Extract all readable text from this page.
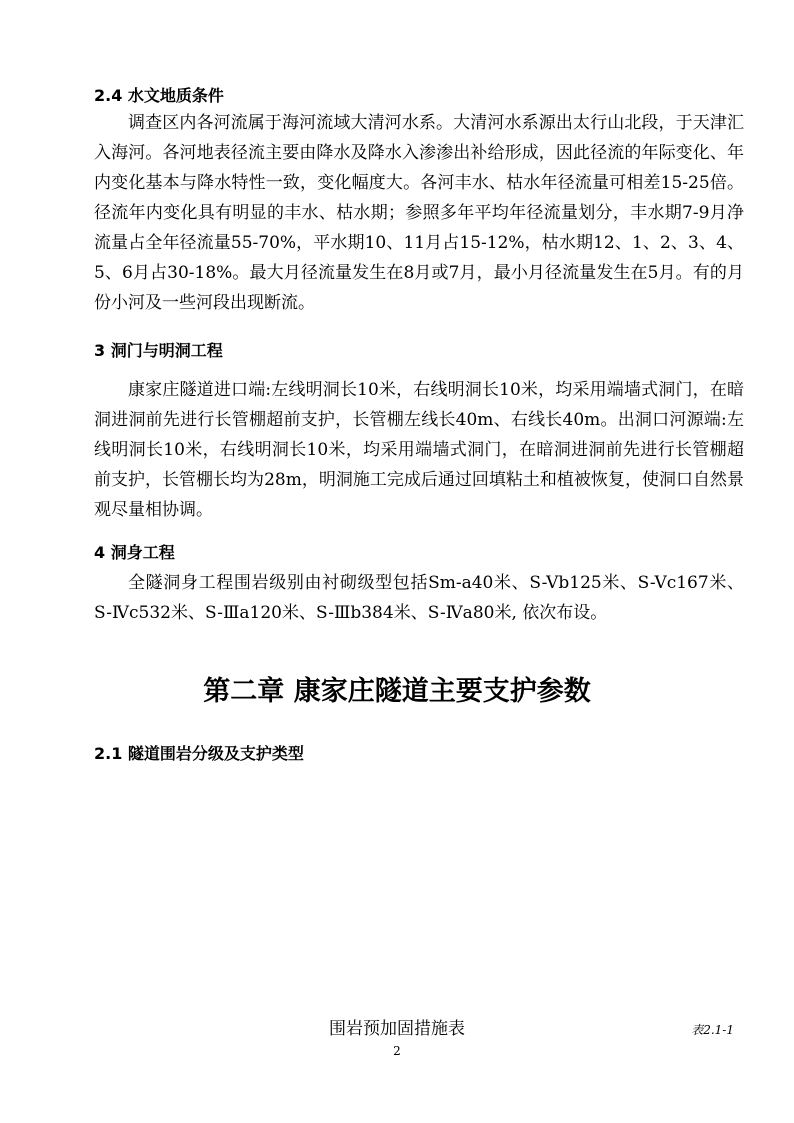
2.4 水文地质条件

调查区内各河流属于海河流域大清河水系。大清河水系源出太行山北段，于天津汇入海河。各河地表径流主要由降水及降水入渗渗出补给形成，因此径流的年际变化、年内变化基本与降水特性一致，变化幅度大。各河丰水、枯水年径流量可相差15-25倍。径流年内变化具有明显的丰水、枯水期；参照多年平均年径流量划分，丰水期7-9月净流量占全年径流量55-70%，平水期10、11月占15-12%，枯水期12、1、2、3、4、5、6月占30-18%。最大月径流量发生在8月或7月，最小月径流量发生在5月。有的月份小河及一些河段出现断流。

3 洞门与明洞工程

康家庄隧道进口端:左线明洞长10米，右线明洞长10米，均采用端墙式洞门，在暗洞进洞前先进行长管棚超前支护，长管棚左线长40m、右线长40m。出洞口河源端:左线明洞长10米，右线明洞长10米，均采用端墙式洞门，在暗洞进洞前先进行长管棚超前支护，长管棚长均为28m，明洞施工完成后通过回填粘土和植被恢复，使洞口自然景观尽量相协调。

4 洞身工程

全隧洞身工程围岩级别由衬砌级型包括Sm-a40米、S-Vb125米、S-Vc167米、S-Ⅳc532米、S-Ⅲa120米、S-Ⅲb384米、S-Ⅳa80米, 依次布设。

第二章 康家庄隧道主要支护参数
2.1 隧道围岩分级及支护类型
围岩预加固措施表	表2.1-1
2
